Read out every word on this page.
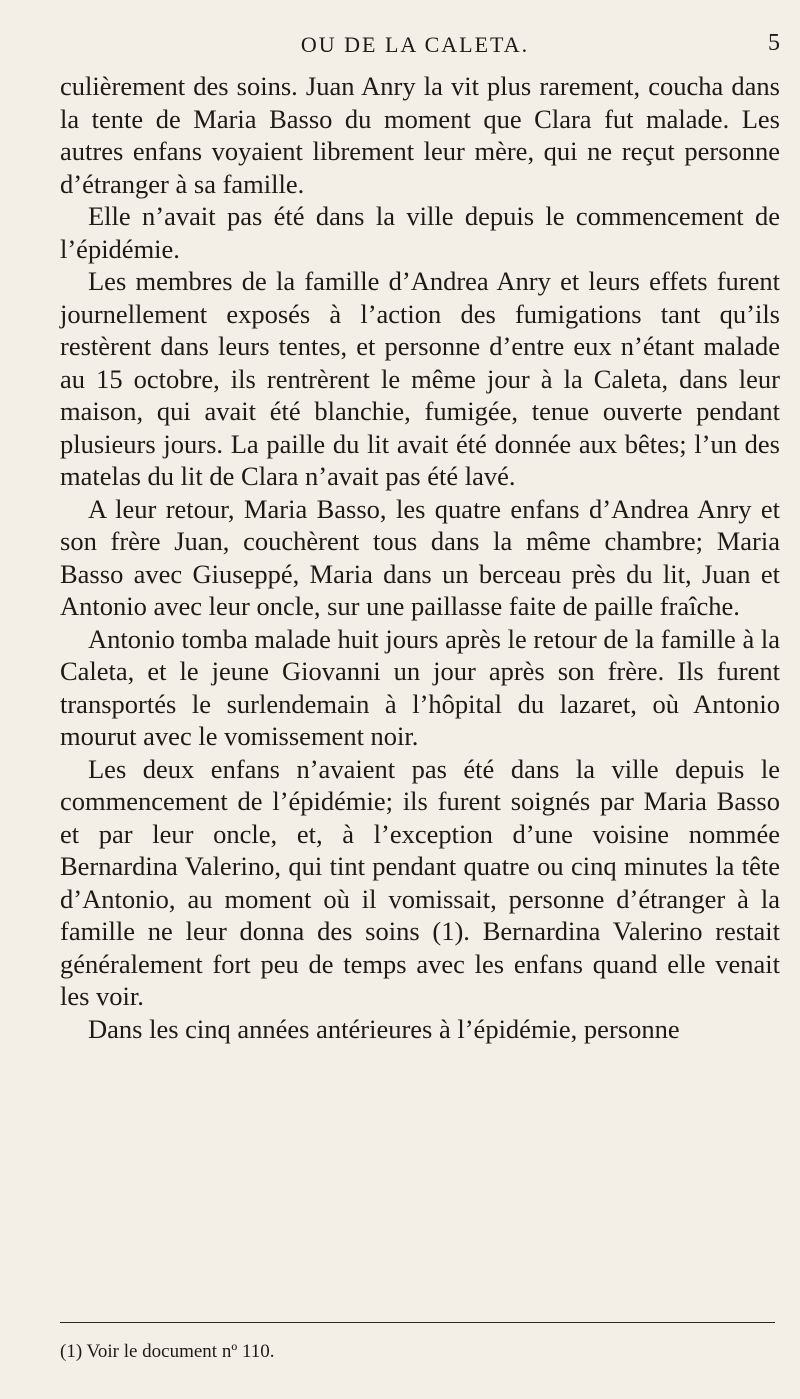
OU DE LA CALETA.	5

culièrement des soins. Juan Anry la vit plus rarement, coucha dans la tente de Maria Basso du moment que Clara fut malade. Les autres enfans voyaient librement leur mère, qui ne reçut personne d’étranger à sa famille.

Elle n’avait pas été dans la ville depuis le commencement de l’épidémie.

Les membres de la famille d’Andrea Anry et leurs effets furent journellement exposés à l’action des fumigations tant qu’ils restèrent dans leurs tentes, et personne d’entre eux n’étant malade au 15 octobre, ils rentrèrent le même jour à la Caleta, dans leur maison, qui avait été blanchie, fumigée, tenue ouverte pendant plusieurs jours. La paille du lit avait été donnée aux bêtes; l’un des matelas du lit de Clara n’avait pas été lavé.

A leur retour, Maria Basso, les quatre enfans d’Andrea Anry et son frère Juan, couchèrent tous dans la même chambre; Maria Basso avec Giuseppé, Maria dans un berceau près du lit, Juan et Antonio avec leur oncle, sur une paillasse faite de paille fraîche.

Antonio tomba malade huit jours après le retour de la famille à la Caleta, et le jeune Giovanni un jour après son frère. Ils furent transportés le surlendemain à l’hôpital du lazaret, où Antonio mourut avec le vomissement noir.

Les deux enfans n’avaient pas été dans la ville depuis le commencement de l’épidémie; ils furent soignés par Maria Basso et par leur oncle, et, à l’exception d’une voisine nommée Bernardina Valerino, qui tint pendant quatre ou cinq minutes la tête d’Antonio, au moment où il vomissait, personne d’étranger à la famille ne leur donna des soins (1). Bernardina Valerino restait généralement fort peu de temps avec les enfans quand elle venait les voir.

Dans les cinq années antérieures à l’épidémie, personne

(1) Voir le document nº 110.
